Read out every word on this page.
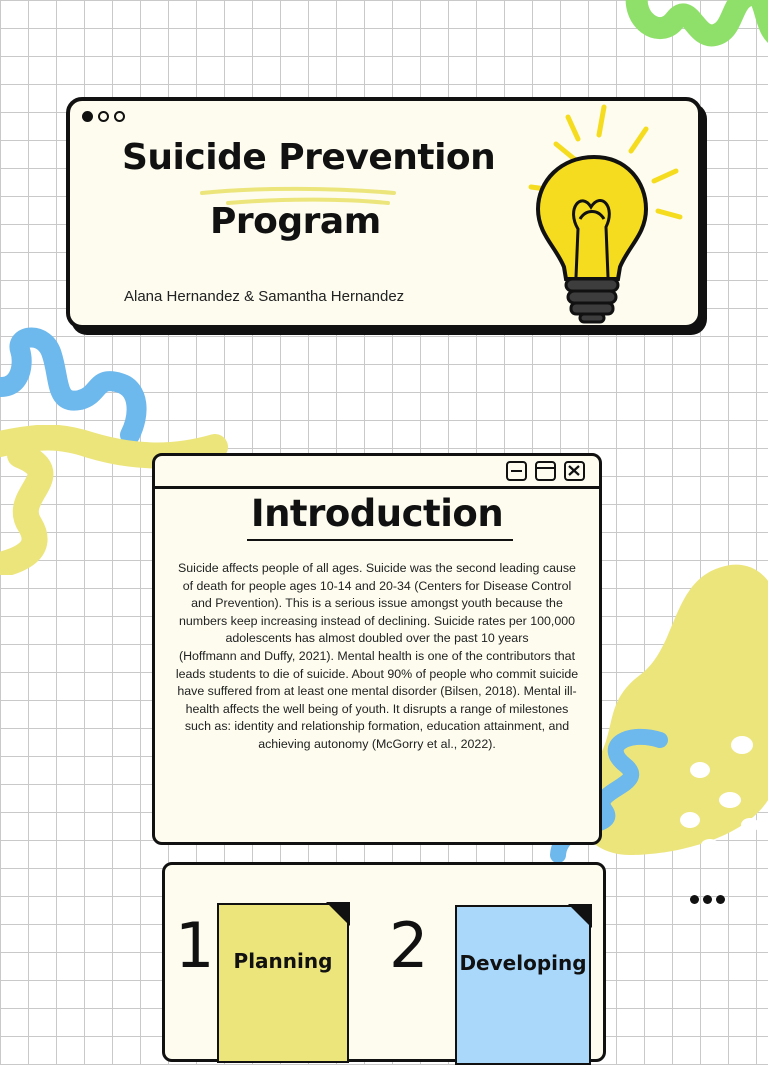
Suicide Prevention
Program
Alana Hernandez & Samantha Hernandez
Introduction
Suicide affects people of all ages. Suicide was the second leading cause of death for people ages 10-14 and 20-34 (Centers for Disease Control and Prevention). This is a serious issue amongst youth because the numbers keep increasing instead of declining. Suicide rates per 100,000 adolescents has almost doubled over the past 10 years
(Hoffmann and Duffy, 2021). Mental health is one of the contributors that leads students to die of suicide. About 90% of people who commit suicide have suffered from at least one mental disorder (Bilsen, 2018). Mental ill-health affects the well being of youth. It disrupts a range of milestones such as: identity and relationship formation, education attainment, and achieving autonomy (McGorry et al., 2022).
1 Planning 2 Developing
